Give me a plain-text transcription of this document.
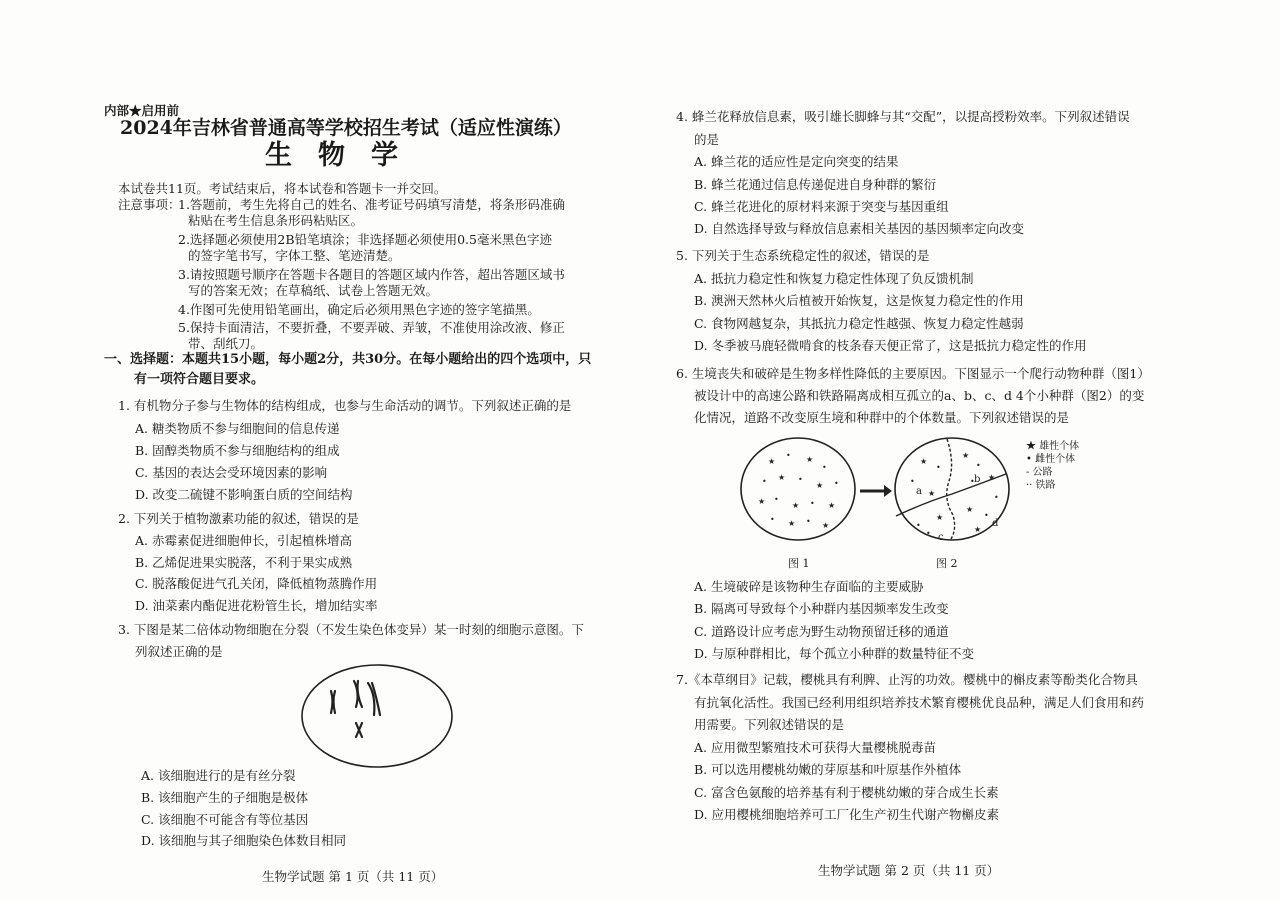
内部★启用前
2024年吉林省普通高等学校招生考试（适应性演练）
生物学
本试卷共11页。考试结束后，将本试卷和答题卡一并交回。
注意事项：
1.答题前，考生先将自己的姓名、准考证号码填写清楚，将条形码准确
粘贴在考生信息条形码粘贴区。
2.选择题必须使用2B铅笔填涂；非选择题必须使用0.5毫米黑色字迹
的签字笔书写，字体工整、笔迹清楚。
3.请按照题号顺序在答题卡各题目的答题区域内作答，超出答题区域书
写的答案无效；在草稿纸、试卷上答题无效。
4.作图可先使用铅笔画出，确定后必须用黑色字迹的签字笔描黑。
5.保持卡面清洁，不要折叠，不要弄破、弄皱，不准使用涂改液、修正
带、刮纸刀。
一、选择题：本题共15小题，每小题2分，共30分。在每小题给出的四个选项中，只
有一项符合题目要求。
1. 有机物分子参与生物体的结构组成，也参与生命活动的调节。下列叙述正确的是
A. 糖类物质不参与细胞间的信息传递
B. 固醇类物质不参与细胞结构的组成
C. 基因的表达会受环境因素的影响
D. 改变二硫键不影响蛋白质的空间结构
2. 下列关于植物激素功能的叙述，错误的是
A. 赤霉素促进细胞伸长，引起植株增高
B. 乙烯促进果实脱落，不利于果实成熟
C. 脱落酸促进气孔关闭，降低植物蒸腾作用
D. 油菜素内酯促进花粉管生长，增加结实率
3. 下图是某二倍体动物细胞在分裂（不发生染色体变异）某一时刻的细胞示意图。下
列叙述正确的是
A. 该细胞进行的是有丝分裂
B. 该细胞产生的子细胞是极体
C. 该细胞不可能含有等位基因
D. 该细胞与其子细胞染色体数目相同
生物学试题 第 1 页（共 11 页）
4. 蜂兰花释放信息素，吸引雄长脚蜂与其“交配”，以提高授粉效率。下列叙述错误
的是
A. 蜂兰花的适应性是定向突变的结果
B. 蜂兰花通过信息传递促进自身种群的繁衍
C. 蜂兰花进化的原材料来源于突变与基因重组
D. 自然选择导致与释放信息素相关基因的基因频率定向改变
5. 下列关于生态系统稳定性的叙述，错误的是
A. 抵抗力稳定性和恢复力稳定性体现了负反馈机制
B. 澳洲天然林火后植被开始恢复，这是恢复力稳定性的作用
C. 食物网越复杂，其抵抗力稳定性越强、恢复力稳定性越弱
D. 冬季被马鹿轻微啃食的枝条春天便正常了，这是抵抗力稳定性的作用
6. 生境丧失和破碎是生物多样性降低的主要原因。下图显示一个爬行动物种群（图1）
被设计中的高速公路和铁路隔离成相互孤立的a、b、c、d 4个小种群（图2）的变
化情况，道路不改变原生境和种群中的个体数量。下列叙述错误的是
★
• ★
•
• ★ •
★ •
★ •
★ • ★
• ★ • ★
★
•
•
★
★
•
★
•
•
★
•
★
•
★
•
a
b
c
d
★ 雄性个体
• 雌性个体
- 公路
·· 铁路
图 1	图 2
A. 生境破碎是该物种生存面临的主要威胁
B. 隔离可导致每个小种群内基因频率发生改变
C. 道路设计应考虑为野生动物预留迁移的通道
D. 与原种群相比，每个孤立小种群的数量特征不变
7.《本草纲目》记载，樱桃具有利脾、止泻的功效。樱桃中的槲皮素等酚类化合物具
有抗氧化活性。我国已经利用组织培养技术繁育樱桃优良品种，满足人们食用和药
用需要。下列叙述错误的是
A. 应用微型繁殖技术可获得大量樱桃脱毒苗
B. 可以选用樱桃幼嫩的芽原基和叶原基作外植体
C. 富含色氨酸的培养基有利于樱桃幼嫩的芽合成生长素
D. 应用樱桃细胞培养可工厂化生产初生代谢产物槲皮素
生物学试题 第 2 页（共 11 页）
